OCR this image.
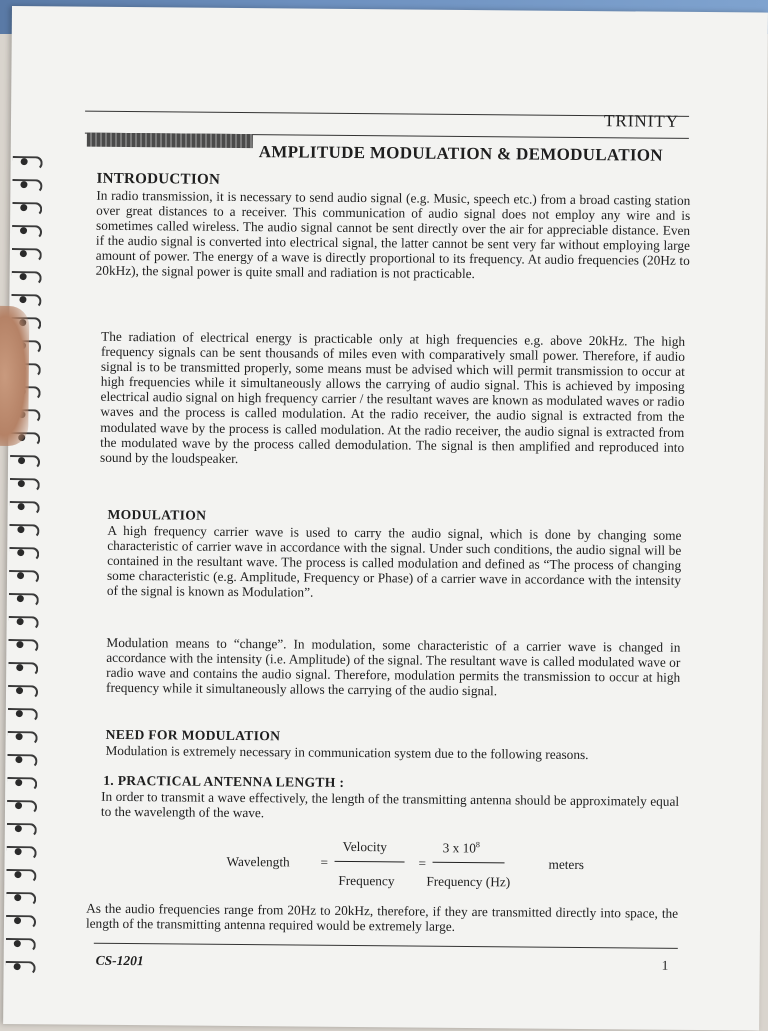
TRINITY
AMPLITUDE MODULATION & DEMODULATION
INTRODUCTION
In radio transmission, it is necessary to send audio signal (e.g. Music, speech etc.) from a broad casting station over great distances to a receiver. This communication of audio signal does not employ any wire and is sometimes called wireless. The audio signal cannot be sent directly over the air for appreciable distance. Even if the audio signal is converted into electrical signal, the latter cannot be sent very far without employing large amount of power. The energy of a wave is directly proportional to its frequency. At audio frequencies (20Hz to 20kHz), the signal power is quite small and radiation is not practicable.
The radiation of electrical energy is practicable only at high frequencies e.g. above 20kHz. The high frequency signals can be sent thousands of miles even with comparatively small power. Therefore, if audio signal is to be transmitted properly, some means must be advised which will permit transmission to occur at high frequencies while it simultaneously allows the carrying of audio signal. This is achieved by imposing electrical audio signal on high frequency carrier / the resultant waves are known as modulated waves or radio waves and the process is called modulation. At the radio receiver, the audio signal is extracted from the modulated wave by the process is called modulation. At the radio receiver, the audio signal is extracted from the modulated wave by the process called demodulation. The signal is then amplified and reproduced into sound by the loudspeaker.
MODULATION
A high frequency carrier wave is used to carry the audio signal, which is done by changing some characteristic of carrier wave in accordance with the signal. Under such conditions, the audio signal will be contained in the resultant wave. The process is called modulation and defined as “The process of changing some characteristic (e.g. Amplitude, Frequency or Phase) of a carrier wave in accordance with the intensity of the signal is known as Modulation”.
Modulation means to “change”. In modulation, some characteristic of a carrier wave is changed in accordance with the intensity (i.e. Amplitude) of the signal. The resultant wave is called modulated wave or radio wave and contains the audio signal. Therefore, modulation permits the transmission to occur at high frequency while it simultaneously allows the carrying of the audio signal.
NEED FOR MODULATION
Modulation is extremely necessary in communication system due to the following reasons.
1. PRACTICAL ANTENNA LENGTH :
In order to transmit a wave effectively, the length of the transmitting antenna should be approximately equal to the wavelength of the wave.
Wavelength =
Velocity
Frequency
=
3 x $10^8$
Frequency (Hz)
meters
As the audio frequencies range from 20Hz to 20kHz, therefore, if they are transmitted directly into space, the length of the transmitting antenna required would be extremely large.
CS-1201	1
